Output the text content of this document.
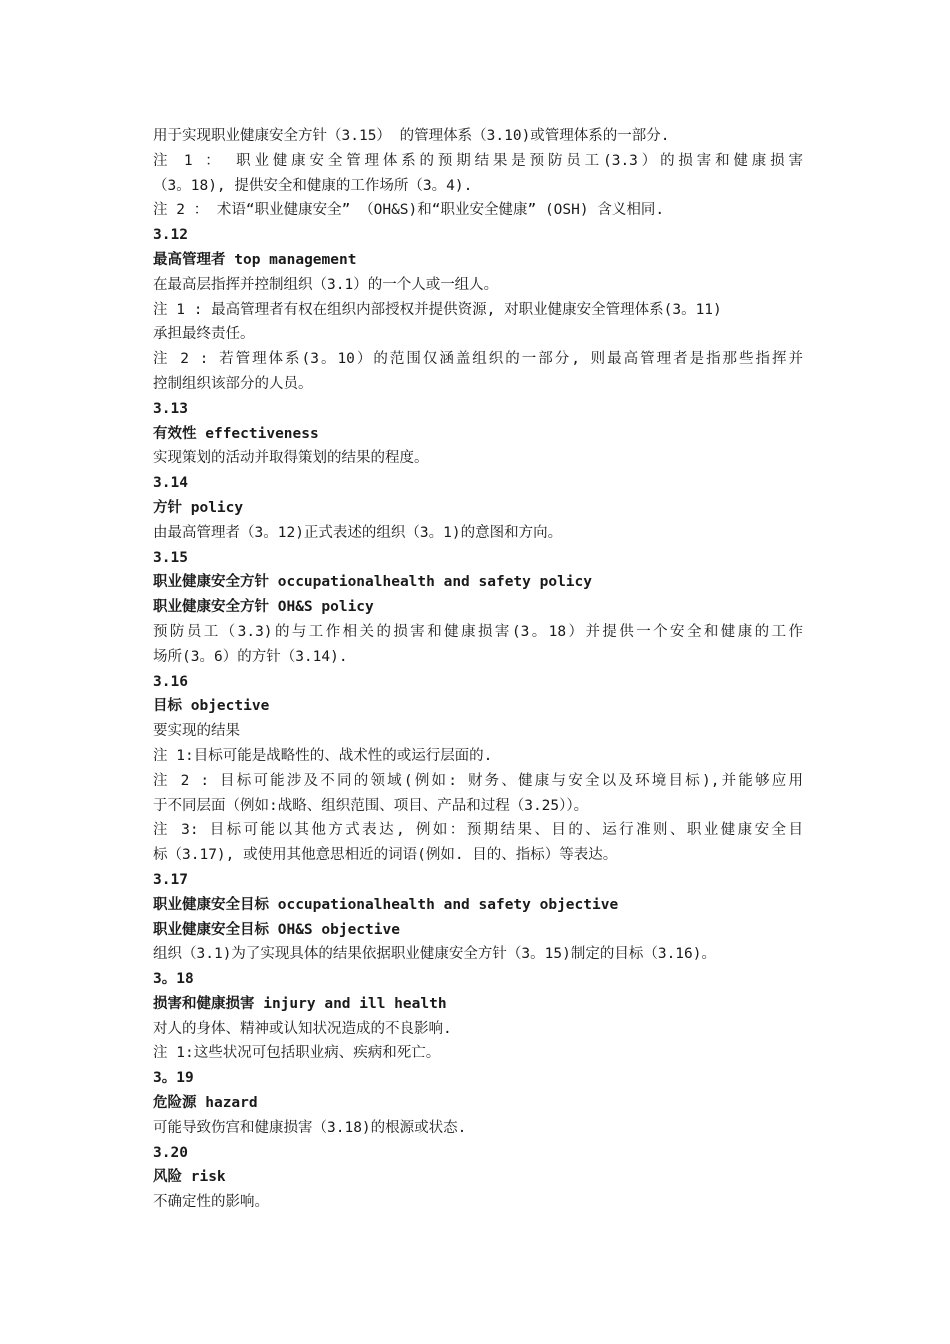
用于实现职业健康安全方针（3.15） 的管理体系（3.10)或管理体系的一部分.
注 1 ： 职业健康安全管理体系的预期结果是预防员工(3.3）的损害和健康损害
（3。18), 提供安全和健康的工作场所（3。4).
注 2 ： 术语“职业健康安全” （OH&S)和“职业安全健康” (OSH) 含义相同.
3.12
最高管理者 top management
在最高层指挥并控制组织（3.1）的一个人或一组人。
注 1 : 最高管理者有权在组织内部授权并提供资源, 对职业健康安全管理体系(3。11)
承担最终责任。
注 2 : 若管理体系(3。10）的范围仅涵盖组织的一部分, 则最高管理者是指那些指挥并
控制组织该部分的人员。
3.13
有效性 effectiveness
实现策划的活动并取得策划的结果的程度。
3.14
方针 policy
由最高管理者（3。12)正式表述的组织（3。1)的意图和方向。
3.15
职业健康安全方针 occupationalhealth and safety policy
职业健康安全方针 OH&S policy
预防员工（3.3)的与工作相关的损害和健康损害(3。18）并提供一个安全和健康的工作
场所(3。6）的方针（3.14).
3.16
目标 objective
要实现的结果
注 1:目标可能是战略性的、战术性的或运行层面的.
注 2 : 目标可能涉及不同的领域(例如: 财务、健康与安全以及环境目标),并能够应用
于不同层面（例如:战略、组织范围、项目、产品和过程（3.25））。
注 3: 目标可能以其他方式表达, 例如：预期结果、目的、运行准则、职业健康安全目
标（3.17), 或使用其他意思相近的词语(例如. 目的、指标）等表达。
3.17
职业健康安全目标 occupationalhealth and safety objective
职业健康安全目标 OH&S objective
组织（3.1)为了实现具体的结果依据职业健康安全方针（3。15)制定的目标（3.16)。
3。18
损害和健康损害 injury and ill health
对人的身体、精神或认知状况造成的不良影响.
注 1:这些状况可包括职业病、疾病和死亡。
3。19
危险源 hazard
可能导致伤宫和健康损害（3.18)的根源或状态.
3.20
风险 risk
不确定性的影响。
